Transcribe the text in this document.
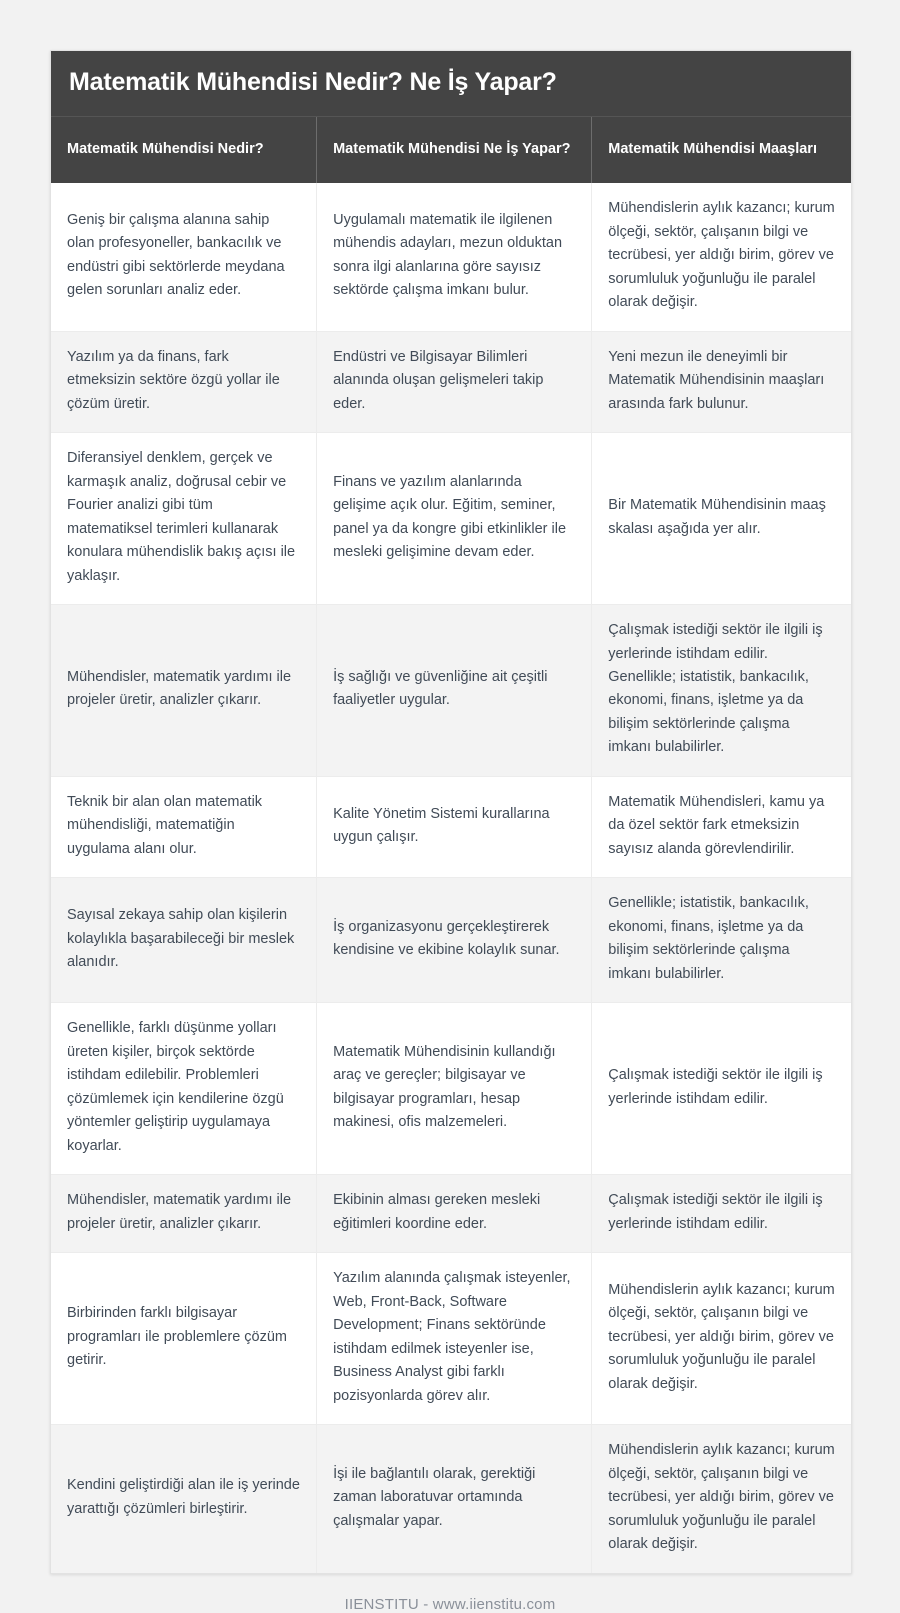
Matematik Mühendisi Nedir? Ne İş Yapar?
Matematik Mühendisi Nedir?	Matematik Mühendisi Ne İş Yapar?	Matematik Mühendisi Maaşları
Geniş bir çalışma alanına sahip olan profesyoneller, bankacılık ve endüstri gibi sektörlerde meydana gelen sorunları analiz eder.	Uygulamalı matematik ile ilgilenen mühendis adayları, mezun olduktan sonra ilgi alanlarına göre sayısız sektörde çalışma imkanı bulur.	Mühendislerin aylık kazancı; kurum ölçeği, sektör, çalışanın bilgi ve tecrübesi, yer aldığı birim, görev ve sorumluluk yoğunluğu ile paralel olarak değişir.
Yazılım ya da finans, fark etmeksizin sektöre özgü yollar ile çözüm üretir.	Endüstri ve Bilgisayar Bilimleri alanında oluşan gelişmeleri takip eder.	Yeni mezun ile deneyimli bir Matematik Mühendisinin maaşları arasında fark bulunur.
Diferansiyel denklem, gerçek ve karmaşık analiz, doğrusal cebir ve Fourier analizi gibi tüm matematiksel terimleri kullanarak konulara mühendislik bakış açısı ile yaklaşır.	Finans ve yazılım alanlarında gelişime açık olur. Eğitim, seminer, panel ya da kongre gibi etkinlikler ile mesleki gelişimine devam eder.	Bir Matematik Mühendisinin maaş skalası aşağıda yer alır.
Mühendisler, matematik yardımı ile projeler üretir, analizler çıkarır.	İş sağlığı ve güvenliğine ait çeşitli faaliyetler uygular.	Çalışmak istediği sektör ile ilgili iş yerlerinde istihdam edilir. Genellikle; istatistik, bankacılık, ekonomi, finans, işletme ya da bilişim sektörlerinde çalışma imkanı bulabilirler.
Teknik bir alan olan matematik mühendisliği, matematiğin uygulama alanı olur.	Kalite Yönetim Sistemi kurallarına uygun çalışır.	Matematik Mühendisleri, kamu ya da özel sektör fark etmeksizin sayısız alanda görevlendirilir.
Sayısal zekaya sahip olan kişilerin kolaylıkla başarabileceği bir meslek alanıdır.	İş organizasyonu gerçekleştirerek kendisine ve ekibine kolaylık sunar.	Genellikle; istatistik, bankacılık, ekonomi, finans, işletme ya da bilişim sektörlerinde çalışma imkanı bulabilirler.
Genellikle, farklı düşünme yolları üreten kişiler, birçok sektörde istihdam edilebilir. Problemleri çözümlemek için kendilerine özgü yöntemler geliştirip uygulamaya koyarlar.	Matematik Mühendisinin kullandığı araç ve gereçler; bilgisayar ve bilgisayar programları, hesap makinesi, ofis malzemeleri.	Çalışmak istediği sektör ile ilgili iş yerlerinde istihdam edilir.
Mühendisler, matematik yardımı ile projeler üretir, analizler çıkarır.	Ekibinin alması gereken mesleki eğitimleri koordine eder.	Çalışmak istediği sektör ile ilgili iş yerlerinde istihdam edilir.
Birbirinden farklı bilgisayar programları ile problemlere çözüm getirir.	Yazılım alanında çalışmak isteyenler, Web, Front-Back, Software Development; Finans sektöründe istihdam edilmek isteyenler ise, Business Analyst gibi farklı pozisyonlarda görev alır.	Mühendislerin aylık kazancı; kurum ölçeği, sektör, çalışanın bilgi ve tecrübesi, yer aldığı birim, görev ve sorumluluk yoğunluğu ile paralel olarak değişir.
Kendini geliştirdiği alan ile iş yerinde yarattığı çözümleri birleştirir.	İşi ile bağlantılı olarak, gerektiği zaman laboratuvar ortamında çalışmalar yapar.	Mühendislerin aylık kazancı; kurum ölçeği, sektör, çalışanın bilgi ve tecrübesi, yer aldığı birim, görev ve sorumluluk yoğunluğu ile paralel olarak değişir.
IIENSTITU - www.iienstitu.com
